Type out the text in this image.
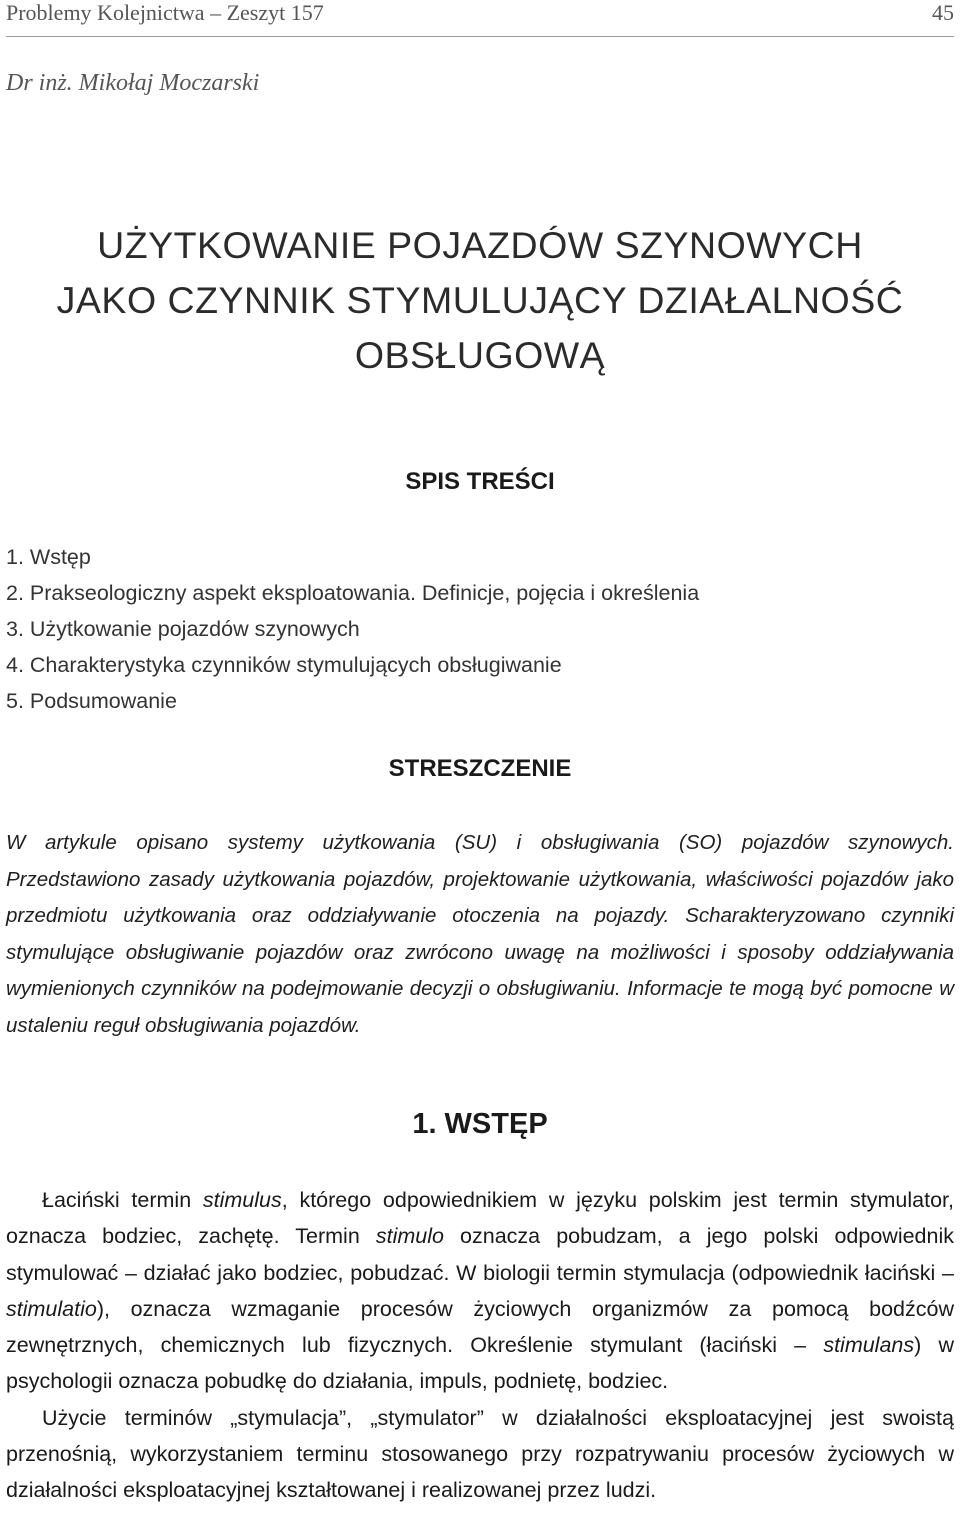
Problemy Kolejnictwa – Zeszyt 157	45
Dr inż. Mikołaj Moczarski
UŻYTKOWANIE POJAZDÓW SZYNOWYCH
JAKO CZYNNIK STYMULUJĄCY DZIAŁALNOŚĆ
OBSŁUGOWĄ
SPIS TREŚCI
1. Wstęp
2. Prakseologiczny aspekt eksploatowania. Definicje, pojęcia i określenia
3. Użytkowanie pojazdów szynowych
4. Charakterystyka czynników stymulujących obsługiwanie
5. Podsumowanie
STRESZCZENIE

W artykule opisano systemy użytkowania (SU) i obsługiwania (SO) pojazdów szynowych. Przedstawiono zasady użytkowania pojazdów, projektowanie użytkowania, właściwości pojazdów jako przedmiotu użytkowania oraz oddziaływanie otoczenia na pojazdy. Scharakteryzowano czynniki stymulujące obsługiwanie pojazdów oraz zwrócono uwagę na możliwości i sposoby oddziaływania wymienionych czynników na podejmowanie decyzji o obsługiwaniu. Informacje te mogą być pomocne w ustaleniu reguł obsługiwania pojazdów.

1. WSTĘP

Łaciński termin stimulus, którego odpowiednikiem w języku polskim jest termin stymulator, oznacza bodziec, zachętę. Termin stimulo oznacza pobudzam, a jego polski odpowiednik stymulować – działać jako bodziec, pobudzać. W biologii termin stymulacja (odpowiednik łaciński – stimulatio), oznacza wzmaganie procesów życiowych organizmów za pomocą bodźców zewnętrznych, chemicznych lub fizycznych. Określenie stymulant (łaciński – stimulans) w psychologii oznacza pobudkę do działania, impuls, podnietę, bodziec.

Użycie terminów „stymulacja”, „stymulator” w działalności eksploatacyjnej jest swoistą przenośnią, wykorzystaniem terminu stosowanego przy rozpatrywaniu procesów życiowych w działalności eksploatacyjnej kształtowanej i realizowanej przez ludzi.
